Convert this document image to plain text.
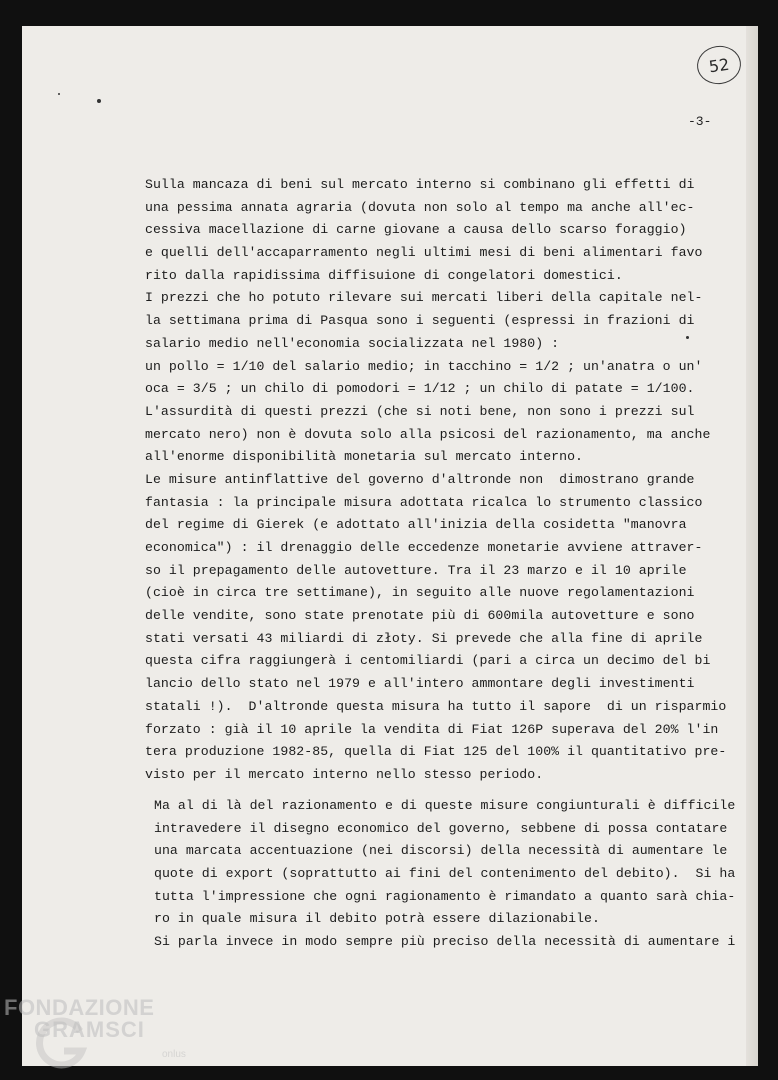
52
-3-
Sulla mancaza di beni sul mercato interno si combinano gli effetti di
una pessima annata agraria (dovuta non solo al tempo ma anche all'ec-
cessiva macellazione di carne giovane a causa dello scarso foraggio)
e quelli dell'accaparramento negli ultimi mesi di beni alimentari favo
rito dalla rapidissima diffisuione di congelatori domestici.
I prezzi che ho potuto rilevare sui mercati liberi della capitale nel-
la settimana prima di Pasqua sono i seguenti (espressi in frazioni di
salario medio nell'economia socializzata nel 1980) :
un pollo = 1/10 del salario medio; in tacchino = 1/2 ; un'anatra o un'
oca = 3/5 ; un chilo di pomodori = 1/12 ; un chilo di patate = 1/100.
L'assurdità di questi prezzi (che si noti bene, non sono i prezzi sul
mercato nero) non è dovuta solo alla psicosi del razionamento, ma anche
all'enorme disponibilità monetaria sul mercato interno.
Le misure antinflattive del governo d'altronde non  dimostrano grande
fantasia : la principale misura adottata ricalca lo strumento classico
del regime di Gierek (e adottato all'inizia della cosidetta "manovra
economica") : il drenaggio delle eccedenze monetarie avviene attraver-
so il prepagamento delle autovetture. Tra il 23 marzo e il 10 aprile
(cioè in circa tre settimane), in seguito alle nuove regolamentazioni
delle vendite, sono state prenotate più di 600mila autovetture e sono
stati versati 43 miliardi di złoty. Si prevede che alla fine di aprile
questa cifra raggiungerà i centomiliardi (pari a circa un decimo del bi
lancio dello stato nel 1979 e all'intero ammontare degli investimenti
statali !).  D'altronde questa misura ha tutto il sapore  di un risparmio
forzato : già il 10 aprile la vendita di Fiat 126P superava del 20% l'in
tera produzione 1982-85, quella di Fiat 125 del 100% il quantitativo pre-
visto per il mercato interno nello stesso periodo.
Ma al di là del razionamento e di queste misure congiunturali è difficile
intravedere il disegno economico del governo, sebbene di possa contatare
una marcata accentuazione (nei discorsi) della necessità di aumentare le
quote di export (soprattutto ai fini del contenimento del debito).  Si ha
tutta l'impressione che ogni ragionamento è rimandato a quanto sarà chia-
ro in quale misura il debito potrà essere dilazionabile.
Si parla invece in modo sempre più preciso della necessità di aumentare i
FONDAZIONE
GRAMSCI
onlus
